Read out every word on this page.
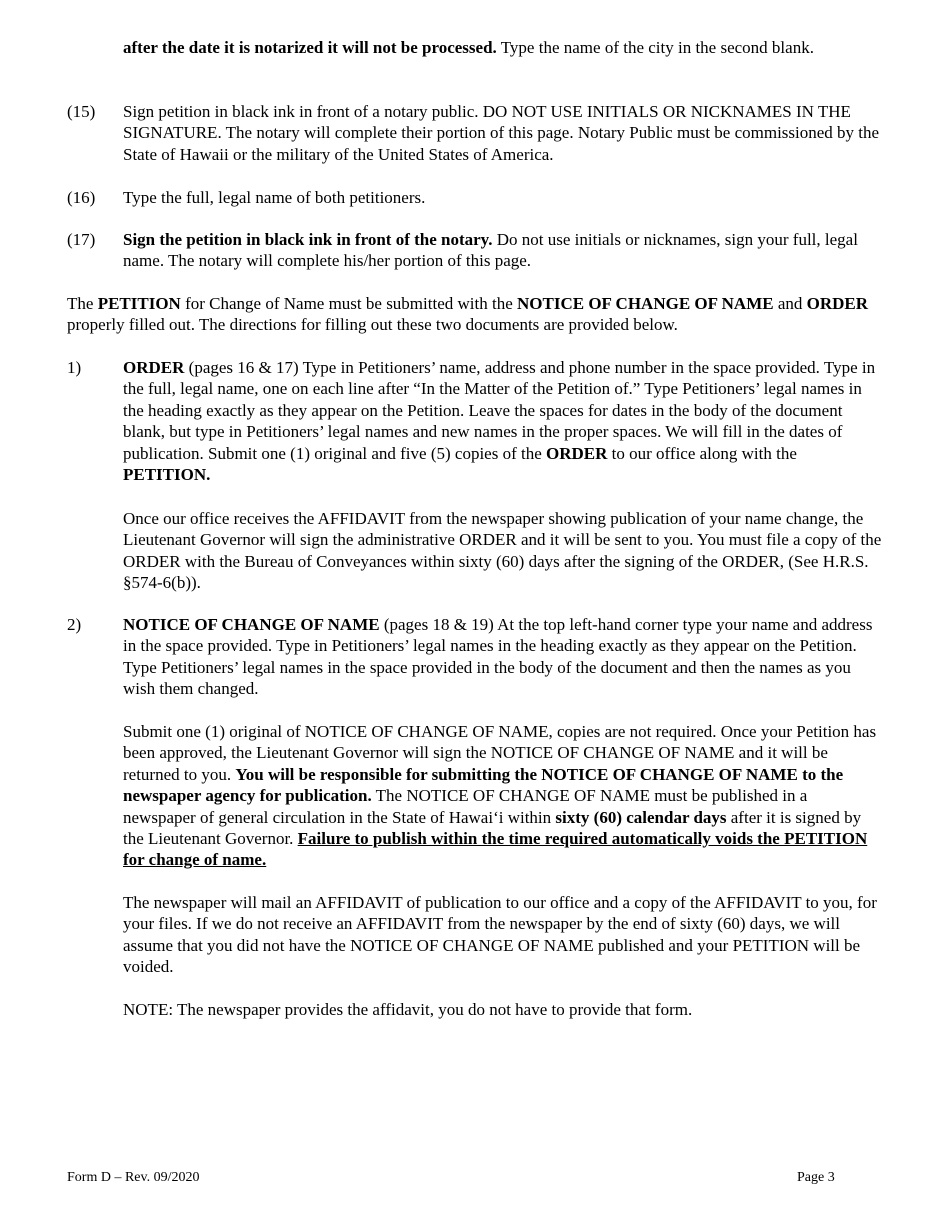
after the date it is notarized it will not be processed. Type the name of the city in the second blank.

(15)	Sign petition in black ink in front of a notary public. DO NOT USE INITIALS OR NICKNAMES IN THE SIGNATURE. The notary will complete their portion of this page. Notary Public must be commissioned by the State of Hawaii or the military of the United States of America.

(16)	Type the full, legal name of both petitioners.

(17)	Sign the petition in black ink in front of the notary. Do not use initials or nicknames, sign your full, legal name. The notary will complete his/her portion of this page.

The PETITION for Change of Name must be submitted with the NOTICE OF CHANGE OF NAME and ORDER properly filled out. The directions for filling out these two documents are provided below.

1)	ORDER (pages 16 & 17) Type in Petitioners’ name, address and phone number in the space provided. Type in the full, legal name, one on each line after “In the Matter of the Petition of.” Type Petitioners’ legal names in the heading exactly as they appear on the Petition. Leave the spaces for dates in the body of the document blank, but type in Petitioners’ legal names and new names in the proper spaces. We will fill in the dates of publication. Submit one (1) original and five (5) copies of the ORDER to our office along with the PETITION.

Once our office receives the AFFIDAVIT from the newspaper showing publication of your name change, the Lieutenant Governor will sign the administrative ORDER and it will be sent to you. You must file a copy of the ORDER with the Bureau of Conveyances within sixty (60) days after the signing of the ORDER, (See H.R.S. §574-6(b)).

2)	NOTICE OF CHANGE OF NAME (pages 18 & 19) At the top left-hand corner type your name and address in the space provided. Type in Petitioners’ legal names in the heading exactly as they appear on the Petition. Type Petitioners’ legal names in the space provided in the body of the document and then the names as you wish them changed.

Submit one (1) original of NOTICE OF CHANGE OF NAME, copies are not required. Once your Petition has been approved, the Lieutenant Governor will sign the NOTICE OF CHANGE OF NAME and it will be returned to you. You will be responsible for submitting the NOTICE OF CHANGE OF NAME to the newspaper agency for publication. The NOTICE OF CHANGE OF NAME must be published in a newspaper of general circulation in the State of Hawai‘i within sixty (60) calendar days after it is signed by the Lieutenant Governor. Failure to publish within the time required automatically voids the PETITION for change of name.

The newspaper will mail an AFFIDAVIT of publication to our office and a copy of the AFFIDAVIT to you, for your files. If we do not receive an AFFIDAVIT from the newspaper by the end of sixty (60) days, we will assume that you did not have the NOTICE OF CHANGE OF NAME published and your PETITION will be voided.

NOTE: The newspaper provides the affidavit, you do not have to provide that form.

Form D – Rev. 09/2020	Page 3
